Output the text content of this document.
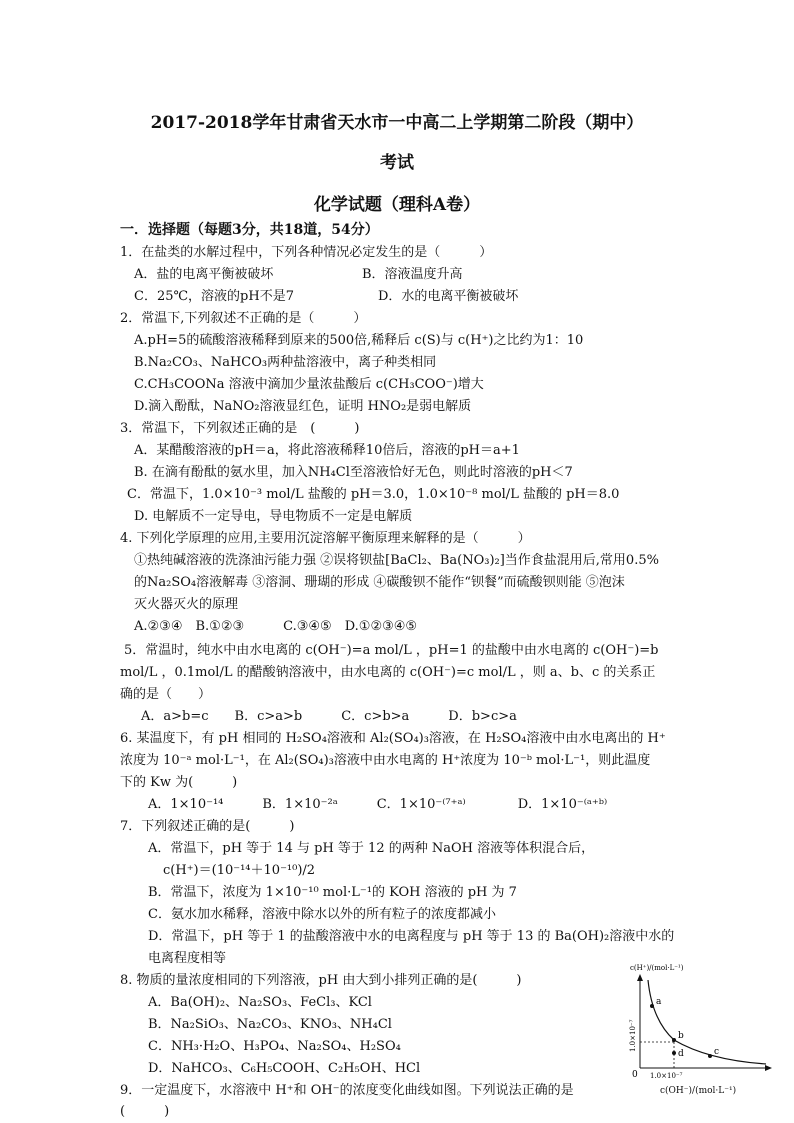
2017-2018学年甘肃省天水市一中高二上学期第二阶段（期中）
考试
化学试题（理科A卷）
一．选择题（每题3分，共18道，54分）
1．在盐类的水解过程中，下列各种情况必定发生的是（　　　）
A．盐的电离平衡被破坏	B．溶液温度升高
C．25℃，溶液的pH不是7	D．水的电离平衡被破坏
2．常温下,下列叙述不正确的是（　　　）
A.pH=5的硫酸溶液稀释到原来的500倍,稀释后 c(S)与 c(H⁺)之比约为1：10
B.Na₂CO₃、NaHCO₃两种盐溶液中，离子种类相同
C.CH₃COONa 溶液中滴加少量浓盐酸后 c(CH₃COO⁻)增大
D.滴入酚酞，NaNO₂溶液显红色，证明 HNO₂是弱电解质
3．常温下，下列叙述正确的是　(　　　)
A．某醋酸溶液的pH＝a，将此溶液稀释10倍后，溶液的pH＝a+1
B. 在滴有酚酞的氨水里，加入NH₄Cl至溶液恰好无色，则此时溶液的pH＜7
C．常温下，1.0×10⁻³ mol/L 盐酸的 pH＝3.0，1.0×10⁻⁸ mol/L 盐酸的 pH＝8.0
D. 电解质不一定导电，导电物质不一定是电解质
4. 下列化学原理的应用,主要用沉淀溶解平衡原理来解释的是（　　　）
①热纯碱溶液的洗涤油污能力强 ②误将钡盐[BaCl₂、Ba(NO₃)₂]当作食盐混用后,常用0.5%
的Na₂SO₄溶液解毒 ③溶洞、珊瑚的形成 ④碳酸钡不能作“钡餐”而硫酸钡则能 ⑤泡沫
灭火器灭火的原理
A.②③④　B.①②③　　　C.③④⑤　D.①②③④⑤
5．常温时，纯水中由水电离的 c(OH⁻)=a mol/L ，pH=1 的盐酸中由水电离的 c(OH⁻)=b
mol/L ，0.1mol/L 的醋酸钠溶液中，由水电离的 c(OH⁻)=c mol/L ，则 a、b、c 的关系正
确的是（　　）
A．a>b=c　　B．c>a>b　　　C．c>b>a　　　D．b>c>a
6. 某温度下，有 pH 相同的 H₂SO₄溶液和 Al₂(SO₄)₃溶液，在 H₂SO₄溶液中由水电离出的 H⁺
浓度为 10⁻ᵃ mol·L⁻¹，在 Al₂(SO₄)₃溶液中由水电离的 H⁺浓度为 10⁻ᵇ mol·L⁻¹，则此温度
下的 Kw 为(　　　)
A．1×10⁻¹⁴　　　B．1×10⁻²ᵃ　　　C．1×10⁻⁽⁷⁺ᵃ⁾　　　　D．1×10⁻⁽ᵃ⁺ᵇ⁾
7．下列叙述正确的是(　　　)
A．常温下，pH 等于 14 与 pH 等于 12 的两种 NaOH 溶液等体积混合后，
c(H⁺)＝(10⁻¹⁴＋10⁻¹⁰)/2
B．常温下，浓度为 1×10⁻¹⁰ mol·L⁻¹的 KOH 溶液的 pH 为 7
C．氨水加水稀释，溶液中除水以外的所有粒子的浓度都减小
D．常温下，pH 等于 1 的盐酸溶液中水的电离程度与 pH 等于 13 的 Ba(OH)₂溶液中水的
电离程度相等
8. 物质的量浓度相同的下列溶液，pH 由大到小排列正确的是(　　　)
A．Ba(OH)₂、Na₂SO₃、FeCl₃、KCl
B．Na₂SiO₃、Na₂CO₃、KNO₃、NH₄Cl
C．NH₃·H₂O、H₃PO₄、Na₂SO₄、H₂SO₄
D．NaHCO₃、C₆H₅COOH、C₂H₅OH、HCl
9．一定温度下，水溶液中 H⁺和 OH⁻的浓度变化曲线如图。下列说法正确的是
(　　　)
a
b
c
d
0
c(H⁺)/(mol·L⁻¹)
1.0×10⁻⁷
1.0×10⁻⁷
c(OH⁻)/(mol·L⁻¹)
